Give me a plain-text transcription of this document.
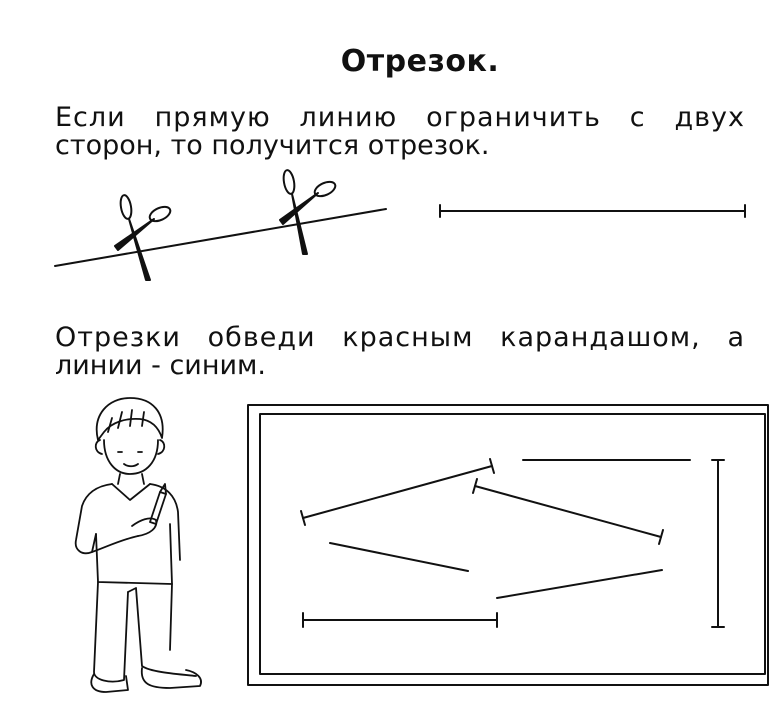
Отрезок.
Если прямую линию ограничить с двух
сторон, то получится отрезок.
Отрезки обведи красным карандашом, а
линии - синим.
